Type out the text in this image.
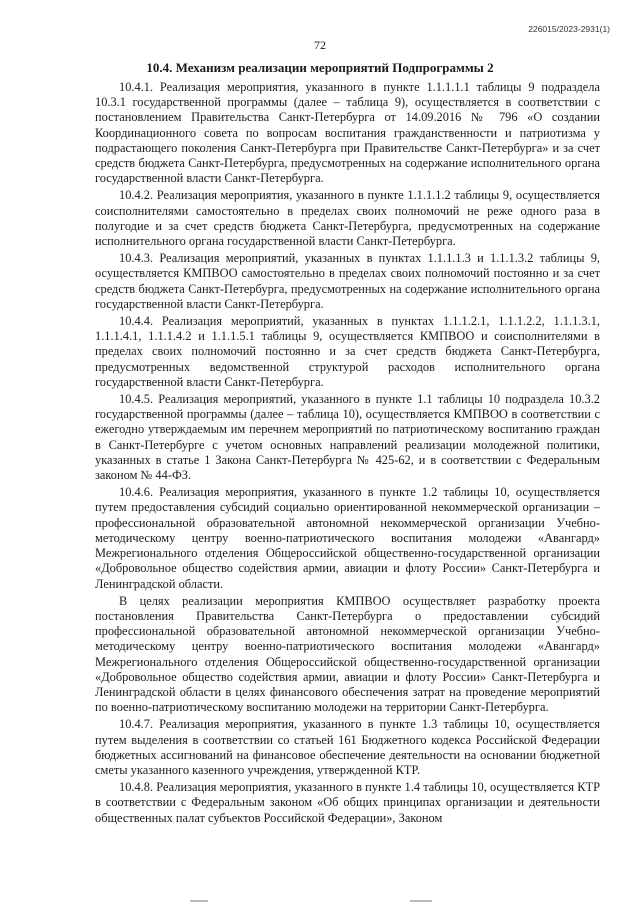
226015/2023-2931(1)
72
10.4. Механизм реализации мероприятий Подпрограммы 2

10.4.1. Реализация мероприятия, указанного в пункте 1.1.1.1.1 таблицы 9 подраздела 10.3.1 государственной программы (далее – таблица 9), осуществляется в соответствии с постановлением Правительства Санкт-Петербурга от 14.09.2016 № 796 «О создании Координационного совета по вопросам воспитания гражданственности и патриотизма у подрастающего поколения Санкт-Петербурга при Правительстве Санкт-Петербурга» и за счет средств бюджета Санкт-Петербурга, предусмотренных на содержание исполнительного органа государственной власти Санкт-Петербурга.

10.4.2. Реализация мероприятия, указанного в пункте 1.1.1.1.2 таблицы 9, осуществляется соисполнителями самостоятельно в пределах своих полномочий не реже одного раза в полугодие и за счет средств бюджета Санкт-Петербурга, предусмотренных на содержание исполнительного органа государственной власти Санкт-Петербурга.

10.4.3. Реализация мероприятий, указанных в пунктах 1.1.1.1.3 и 1.1.1.3.2 таблицы 9, осуществляется КМПВОО самостоятельно в пределах своих полномочий постоянно и за счет средств бюджета Санкт-Петербурга, предусмотренных на содержание исполнительного органа государственной власти Санкт-Петербурга.

10.4.4. Реализация мероприятий, указанных в пунктах 1.1.1.2.1, 1.1.1.2.2, 1.1.1.3.1, 1.1.1.4.1, 1.1.1.4.2 и 1.1.1.5.1 таблицы 9, осуществляется КМПВОО и соисполнителями в пределах своих полномочий постоянно и за счет средств бюджета Санкт-Петербурга, предусмотренных ведомственной структурой расходов исполнительного органа государственной власти Санкт-Петербурга.

10.4.5. Реализация мероприятий, указанного в пункте 1.1 таблицы 10 подраздела 10.3.2 государственной программы (далее – таблица 10), осуществляется КМПВОО в соответствии с ежегодно утверждаемым им перечнем мероприятий по патриотическому воспитанию граждан в Санкт-Петербурге с учетом основных направлений реализации молодежной политики, указанных в статье 1 Закона Санкт-Петербурга № 425-62, и в соответствии с Федеральным законом № 44-ФЗ.

10.4.6. Реализация мероприятия, указанного в пункте 1.2 таблицы 10, осуществляется путем предоставления субсидий социально ориентированной некоммерческой организации – профессиональной образовательной автономной некоммерческой организации Учебно-методическому центру военно-патриотического воспитания молодежи «Авангард» Межрегионального отделения Общероссийской общественно-государственной организации «Добровольное общество содействия армии, авиации и флоту России» Санкт-Петербурга и Ленинградской области.

В целях реализации мероприятия КМПВОО осуществляет разработку проекта постановления Правительства Санкт-Петербурга о предоставлении субсидий профессиональной образовательной автономной некоммерческой организации Учебно-методическому центру военно-патриотического воспитания молодежи «Авангард» Межрегионального отделения Общероссийской общественно-государственной организации «Добровольное общество содействия армии, авиации и флоту России» Санкт-Петербурга и Ленинградской области в целях финансового обеспечения затрат на проведение мероприятий по военно-патриотическому воспитанию молодежи на территории Санкт-Петербурга.

10.4.7. Реализация мероприятия, указанного в пункте 1.3 таблицы 10, осуществляется путем выделения в соответствии со статьей 161 Бюджетного кодекса Российской Федерации бюджетных ассигнований на финансовое обеспечение деятельности на основании бюджетной сметы указанного казенного учреждения, утвержденной КТР.

10.4.8. Реализация мероприятия, указанного в пункте 1.4 таблицы 10, осуществляется КТР в соответствии с Федеральным законом «Об общих принципах организации и деятельности общественных палат субъектов Российской Федерации», Законом
